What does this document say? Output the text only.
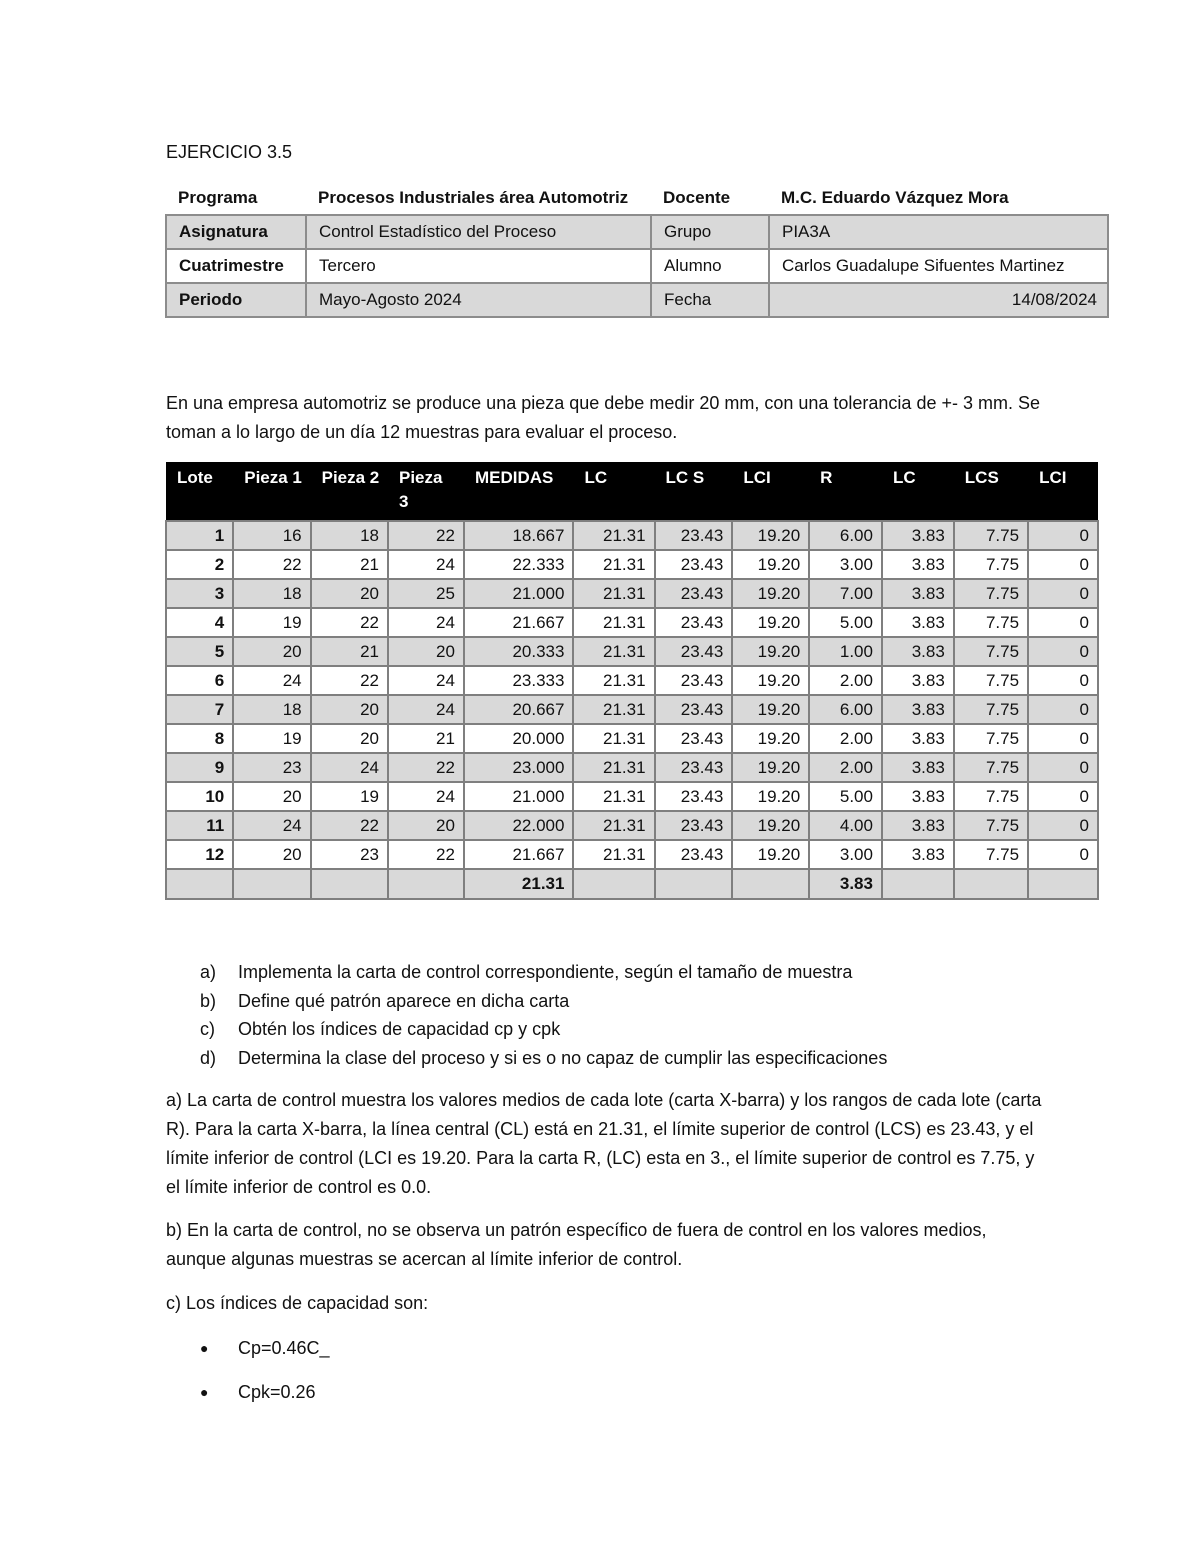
EJERCICIO 3.5
Programa	Procesos Industriales área Automotriz	Docente	M.C. Eduardo Vázquez Mora
Asignatura	Control Estadístico del Proceso	Grupo	PIA3A
Cuatrimestre	Tercero	Alumno	Carlos Guadalupe Sifuentes Martinez
Periodo	Mayo-Agosto 2024	Fecha	14/08/2024
En una empresa automotriz se produce una pieza que debe medir 20 mm, con una tolerancia de +- 3 mm. Se toman a lo largo de un día 12 muestras para evaluar el proceso.
Lote	Pieza 1	Pieza 2	Pieza 3	MEDIDAS	LC	LC S	LCI	R	LC	LCS	LCI
1	16	18	22	18.667	21.31	23.43	19.20	6.00	3.83	7.75	0
2	22	21	24	22.333	21.31	23.43	19.20	3.00	3.83	7.75	0
3	18	20	25	21.000	21.31	23.43	19.20	7.00	3.83	7.75	0
4	19	22	24	21.667	21.31	23.43	19.20	5.00	3.83	7.75	0
5	20	21	20	20.333	21.31	23.43	19.20	1.00	3.83	7.75	0
6	24	22	24	23.333	21.31	23.43	19.20	2.00	3.83	7.75	0
7	18	20	24	20.667	21.31	23.43	19.20	6.00	3.83	7.75	0
8	19	20	21	20.000	21.31	23.43	19.20	2.00	3.83	7.75	0
9	23	24	22	23.000	21.31	23.43	19.20	2.00	3.83	7.75	0
10	20	19	24	21.000	21.31	23.43	19.20	5.00	3.83	7.75	0
11	24	22	20	22.000	21.31	23.43	19.20	4.00	3.83	7.75	0
12	20	23	22	21.667	21.31	23.43	19.20	3.00	3.83	7.75	0
				21.31				3.83			
a)	Implementa la carta de control correspondiente, según el tamaño de muestra
b)	Define qué patrón aparece en dicha carta
c)	Obtén los índices de capacidad cp y cpk
d)	Determina la clase del proceso y si es o no capaz de cumplir las especificaciones
a) La carta de control muestra los valores medios de cada lote (carta X-barra) y los rangos de cada lote (carta R). Para la carta X-barra, la línea central (CL) está en 21.31, el límite superior de control (LCS) es 23.43, y el límite inferior de control (LCI es 19.20. Para la carta R, (LC) esta en 3., el límite superior de control es 7.75, y el límite inferior de control es 0.0.
b) En la carta de control, no se observa un patrón específico de fuera de control en los valores medios, aunque algunas muestras se acercan al límite inferior de control.
c) Los índices de capacidad son:
●	Cp=0.46C_
●	Cpk=0.26
